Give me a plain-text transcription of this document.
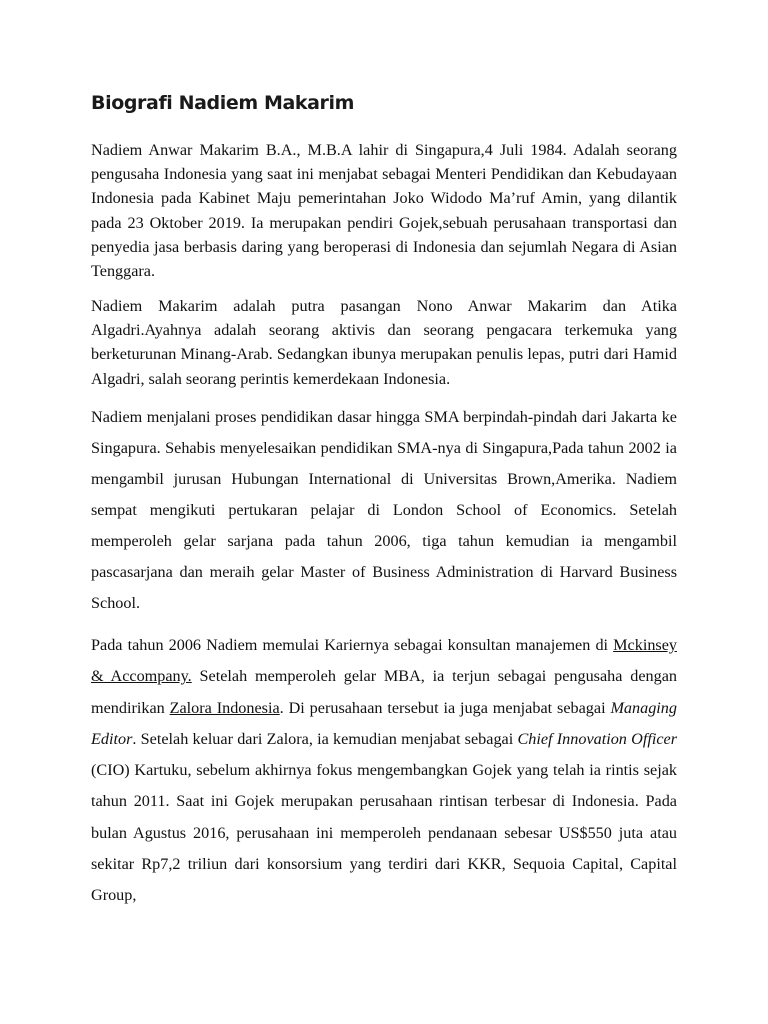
Biografi Nadiem Makarim

Nadiem Anwar Makarim B.A., M.B.A lahir di Singapura,4 Juli 1984. Adalah seorang pengusaha Indonesia yang saat ini menjabat sebagai Menteri Pendidikan dan Kebudayaan Indonesia pada Kabinet Maju pemerintahan Joko Widodo Ma’ruf Amin, yang dilantik pada 23 Oktober 2019. Ia merupakan pendiri Gojek,sebuah perusahaan transportasi dan penyedia jasa berbasis daring yang beroperasi di Indonesia dan sejumlah Negara di Asian Tenggara.

Nadiem Makarim adalah putra pasangan Nono Anwar Makarim dan Atika Algadri.Ayahnya adalah seorang aktivis dan seorang pengacara terkemuka yang berketurunan Minang-Arab. Sedangkan ibunya merupakan penulis lepas, putri dari Hamid Algadri, salah seorang perintis kemerdekaan Indonesia.

Nadiem menjalani proses pendidikan dasar hingga SMA berpindah-pindah dari Jakarta ke Singapura. Sehabis menyelesaikan pendidikan SMA-nya di Singapura,Pada tahun 2002 ia mengambil jurusan Hubungan International di Universitas Brown,Amerika. Nadiem sempat mengikuti pertukaran pelajar di London School of Economics. Setelah memperoleh gelar sarjana pada tahun 2006, tiga tahun kemudian ia mengambil pascasarjana dan meraih gelar Master of Business Administration di Harvard Business School.

Pada tahun 2006 Nadiem memulai Kariernya sebagai konsultan manajemen di Mckinsey & Accompany. Setelah memperoleh gelar MBA, ia terjun sebagai pengusaha dengan mendirikan Zalora Indonesia. Di perusahaan tersebut ia juga menjabat sebagai Managing Editor. Setelah keluar dari Zalora, ia kemudian menjabat sebagai Chief Innovation Officer (CIO) Kartuku, sebelum akhirnya fokus mengembangkan Gojek yang telah ia rintis sejak tahun 2011. Saat ini Gojek merupakan perusahaan rintisan terbesar di Indonesia. Pada bulan Agustus 2016, perusahaan ini memperoleh pendanaan sebesar US$550 juta atau sekitar Rp7,2 triliun dari konsorsium yang terdiri dari KKR, Sequoia Capital, Capital Group,
